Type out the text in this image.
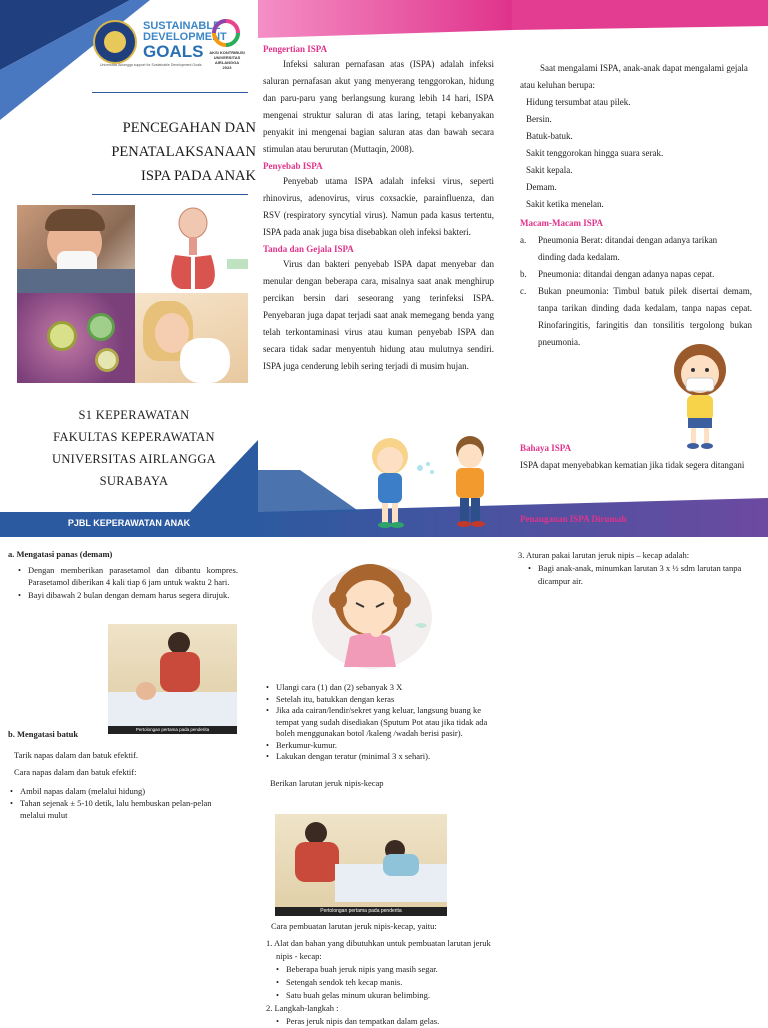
SUSTAINABLE
DEVELOPMENT
GOALS
Universitas Airlangga support for Sustainable Development Goals
AKSI KONTRIBUSI
UNIVERSITAS
AIRLANGGA
2023
PENCEGAHAN DAN
PENATALAKSANAAN
ISPA PADA ANAK
S1 KEPERAWATAN
FAKULTAS KEPERAWATAN
UNIVERSITAS AIRLANGGA
SURABAYA
PJBL KEPERAWATAN ANAK

Pengertian ISPA

Infeksi saluran pernafasan atas (ISPA) adalah infeksi saluran pernafasan akut yang menyerang tenggorokan, hidung dan paru-paru yang berlangsung kurang lebih 14 hari, ISPA mengenai struktur saluran di atas laring, tetapi kebanyakan penyakit ini mengenai bagian saluran atas dan bawah secara stimulan atau berurutan (Muttaqin, 2008).

Penyebab ISPA

Penyebab utama ISPA adalah infeksi virus, seperti rhinovirus, adenovirus, virus coxsackie, parainfluenza, dan RSV (respiratory syncytial virus). Namun pada kasus tertentu, ISPA pada anak juga bisa disebabkan oleh infeksi bakteri.

Tanda dan Gejala ISPA

Virus dan bakteri penyebab ISPA dapat menyebar dan menular dengan beberapa cara, misalnya saat anak menghirup percikan bersin dari seseorang yang terinfeksi ISPA. Penyebaran juga dapat terjadi saat anak memegang benda yang telah terkontaminasi virus atau kuman penyebab ISPA dan secara tidak sadar menyentuh hidung atau mulutnya sendiri. ISPA juga cenderung lebih sering terjadi di musim hujan.

Saat mengalami ISPA, anak-anak dapat mengalami gejala atau keluhan berupa:

Hidung tersumbat atau pilek.

Bersin.

Batuk-batuk.

Sakit tenggorokan hingga suara serak.

Sakit kepala.

Demam.

Sakit ketika menelan.

Macam-Macam ISPA

a.	Pneumonia Berat: ditandai dengan adanya tarikan dinding dada kedalam.
b.	Pneumonia: ditandai dengan adanya napas cepat.
c.	Bukan pneumonia: Timbul batuk pilek disertai demam, tanpa tarikan dinding dada kedalam, tanpa napas cepat. Rinofaringitis, faringitis dan tonsilitis tergolong bukan pneumonia.

Bahaya ISPA

ISPA dapat menyebabkan kematian jika tidak segera ditangani

Penanganan ISPA Dirumah

a. Mengatasi panas (demam)

• Dengan memberikan parasetamol dan dibantu kompres. Parasetamol diberikan 4 kali tiap 6 jam untuk waktu 2 hari.
• Bayi dibawah 2 bulan dengan demam harus segera dirujuk.
Pertolongan pertama pada penderita

b. Mengatasi batuk

Tarik napas dalam dan batuk efektif.

Cara napas dalam dan batuk efektif:

• Ambil napas dalam (melalui hidung)
• Tahan sejenak ± 5-10 detik, lalu hembuskan pelan-pelan melalui mulut
• Ulangi cara (1) dan (2) sebanyak 3 X
• Setelah itu, batukkan dengan keras
• Jika ada cairan/lendir/sekret yang keluar, langsung buang ke tempat yang sudah disediakan (Sputum Pot atau jika tidak ada boleh menggunakan botol /kaleng /wadah berisi pasir).
• Berkumur-kumur.
• Lakukan dengan teratur (minimal 3 x sehari).

Berikan larutan jeruk nipis-kecap

Pertolongan pertama pada penderita

Cara pembuatan larutan jeruk nipis-kecap, yaitu:

1. Alat dan bahan yang dibutuhkan untuk pembuatan larutan jeruk nipis - kecap:

• Beberapa buah jeruk nipis yang masih segar.
• Setengah sendok teh kecap manis.
• Satu buah gelas minum ukuran belimbing.

2. Langkah-langkah :

• Peras jeruk nipis dan tempatkan dalam gelas.

3. Aturan pakai larutan jeruk nipis – kecap adalah:

• Bagi anak-anak, minumkan larutan 3 x ½ sdm larutan tanpa dicampur air.
